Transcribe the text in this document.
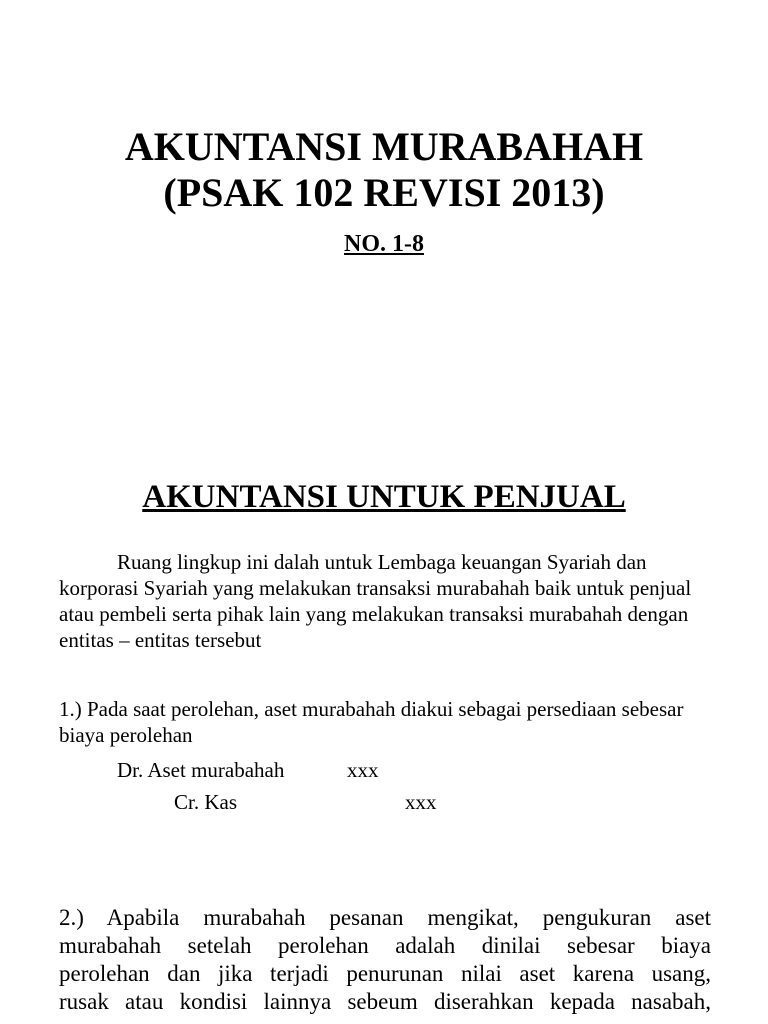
AKUNTANSI MURABAHAH
(PSAK 102 REVISI 2013)
NO. 1-8
AKUNTANSI UNTUK PENJUAL

Ruang lingkup ini dalah untuk Lembaga keuangan Syariah dan korporasi Syariah yang melakukan transaksi murabahah baik untuk penjual atau pembeli serta pihak lain yang melakukan transaksi murabahah dengan entitas – entitas tersebut

1.) Pada saat perolehan, aset murabahah diakui sebagai persediaan sebesar biaya perolehan

Dr. Aset murabahah	xxx
Cr. Kas	xxx
2.) Apabila murabahah pesanan mengikat, pengukuran aset
murabahah setelah perolehan adalah dinilai sebesar biaya
perolehan dan jika terjadi penurunan nilai aset karena usang,
rusak atau kondisi lainnya sebeum diserahkan kepada nasabah,
